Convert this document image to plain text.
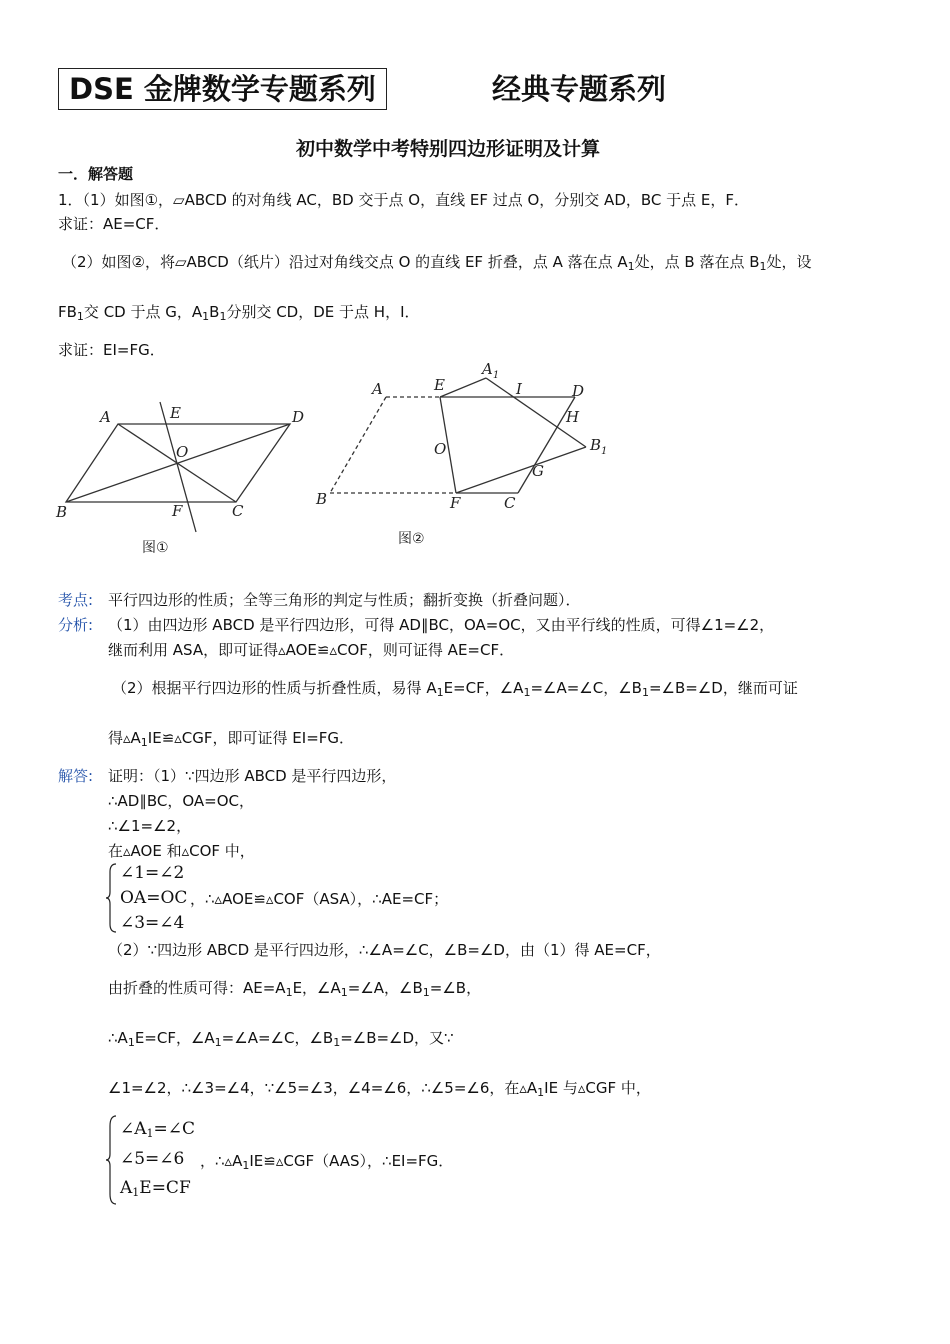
DSE 金牌数学专题系列	经典专题系列
初中数学中考特别四边形证明及计算
一．解答题
1．（1）如图①，▱ABCD 的对角线 AC，BD 交于点 O，直线 EF 过点 O，分别交 AD，BC 于点 E，F．
求证：AE=CF．
（2）如图②，将▱ABCD（纸片）沿过对角线交点 O 的直线 EF 折叠，点 A 落在点 $A_1$处，点 B 落在点 $B_1$处，设
$FB_1$交 CD 于点 G，$A_1B_1$分别交 CD，DE 于点 H，I．
求证：EI=FG．
A	E	D
O
B	F	C
图①
A	E
$A_1$
I	D
H
$B_1$
O
G
B	F	C
图②
考点: 平行四边形的性质；全等三角形的判定与性质；翻折变换（折叠问题）．
分析: （1）由四边形 ABCD 是平行四边形，可得 AD∥BC，OA=OC，又由平行线的性质，可得∠1=∠2，
继而利用 ASA，即可证得▵AOE≌▵COF，则可证得 AE=CF．
（2）根据平行四边形的性质与折叠性质，易得 $A_1E=CF$，$\angle A_1=\angle A=\angle C$，$\angle B_1=\angle B=\angle D$，继而可证
得$▵A_1IE≌▵CGF$，即可证得 EI=FG．
解答: 证明：（1）∵四边形 ABCD 是平行四边形，
∴AD∥BC，OA=OC，
∴∠1=∠2，
在▵AOE 和▵COF 中，
∠1=∠2
OA=OC
∠3=∠4
，∴▵AOE≌▵COF（ASA），∴AE=CF；
（2）∵四边形 ABCD 是平行四边形，∴∠A=∠C，∠B=∠D，由（1）得 AE=CF，
由折叠的性质可得：$AE=A_1E$，$\angle A_1=\angle A$，$\angle B_1=\angle B$，
$\therefore A_1E=CF$，$\angle A_1=\angle A=\angle C$，$\angle B_1=\angle B=\angle D$，又∵
∠1=∠2，∴∠3=∠4，∵∠5=∠3，∠4=∠6，∴∠5=∠6，在$▵A_1IE$ 与▵CGF 中，
∠A1=∠C
∠5=∠6
A1E=CF
，$\therefore▵A_1IE≌▵CGF(AAS)$，∴EI=FG．
